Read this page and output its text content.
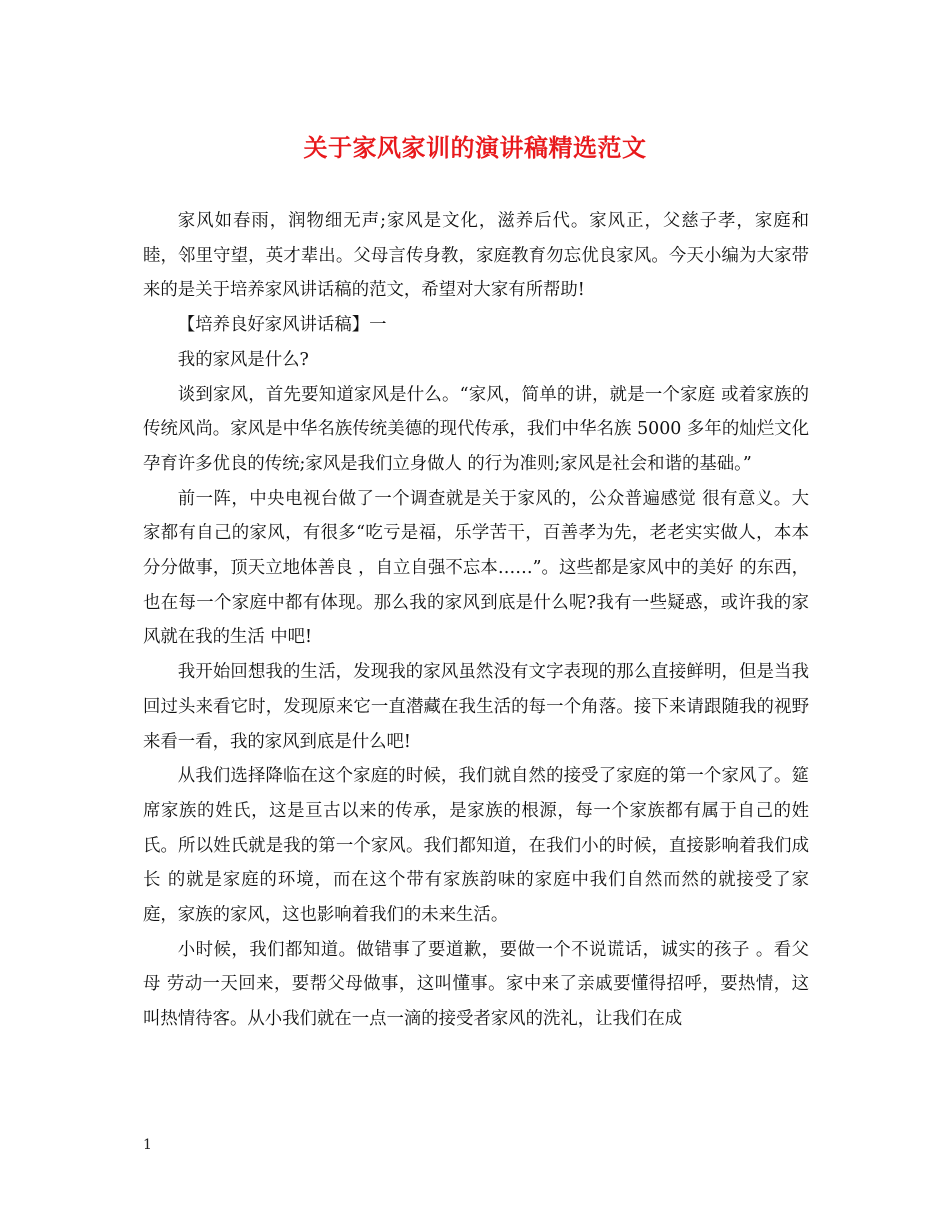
关于家风家训的演讲稿精选范文

家风如春雨，润物细无声;家风是文化，滋养后代。家风正，父慈子孝，家庭和睦，邻里守望，英才辈出。父母言传身教，家庭教育勿忘优良家风。今天小编为大家带来的是关于培养家风讲话稿的范文，希望对大家有所帮助!

【培养良好家风讲话稿】一

我的家风是什么?

谈到家风，首先要知道家风是什么。“家风，简单的讲，就是一个家庭 或着家族的传统风尚。家风是中华名族传统美德的现代传承，我们中华名族 5000 多年的灿烂文化孕育许多优良的传统;家风是我们立身做人 的行为准则;家风是社会和谐的基础。”

前一阵，中央电视台做了一个调查就是关于家风的，公众普遍感觉 很有意义。大家都有自己的家风，有很多“吃亏是福，乐学苦干，百善孝为先，老老实实做人，本本分分做事，顶天立地体善良 ，自立自强不忘本……”。这些都是家风中的美好 的东西，也在每一个家庭中都有体现。那么我的家风到底是什么呢?我有一些疑惑，或许我的家风就在我的生活 中吧!

我开始回想我的生活，发现我的家风虽然没有文字表现的那么直接鲜明，但是当我回过头来看它时，发现原来它一直潜藏在我生活的每一个角落。接下来请跟随我的视野来看一看，我的家风到底是什么吧!

从我们选择降临在这个家庭的时候，我们就自然的接受了家庭的第一个家风了。筵席家族的姓氏，这是亘古以来的传承，是家族的根源，每一个家族都有属于自己的姓氏。所以姓氏就是我的第一个家风。我们都知道，在我们小的时候，直接影响着我们成长 的就是家庭的环境，而在这个带有家族韵味的家庭中我们自然而然的就接受了家庭，家族的家风，这也影响着我们的未来生活。

小时候，我们都知道。做错事了要道歉，要做一个不说谎话，诚实的孩子 。看父母 劳动一天回来，要帮父母做事，这叫懂事。家中来了亲戚要懂得招呼，要热情，这叫热情待客。从小我们就在一点一滴的接受者家风的洗礼，让我们在成

1
